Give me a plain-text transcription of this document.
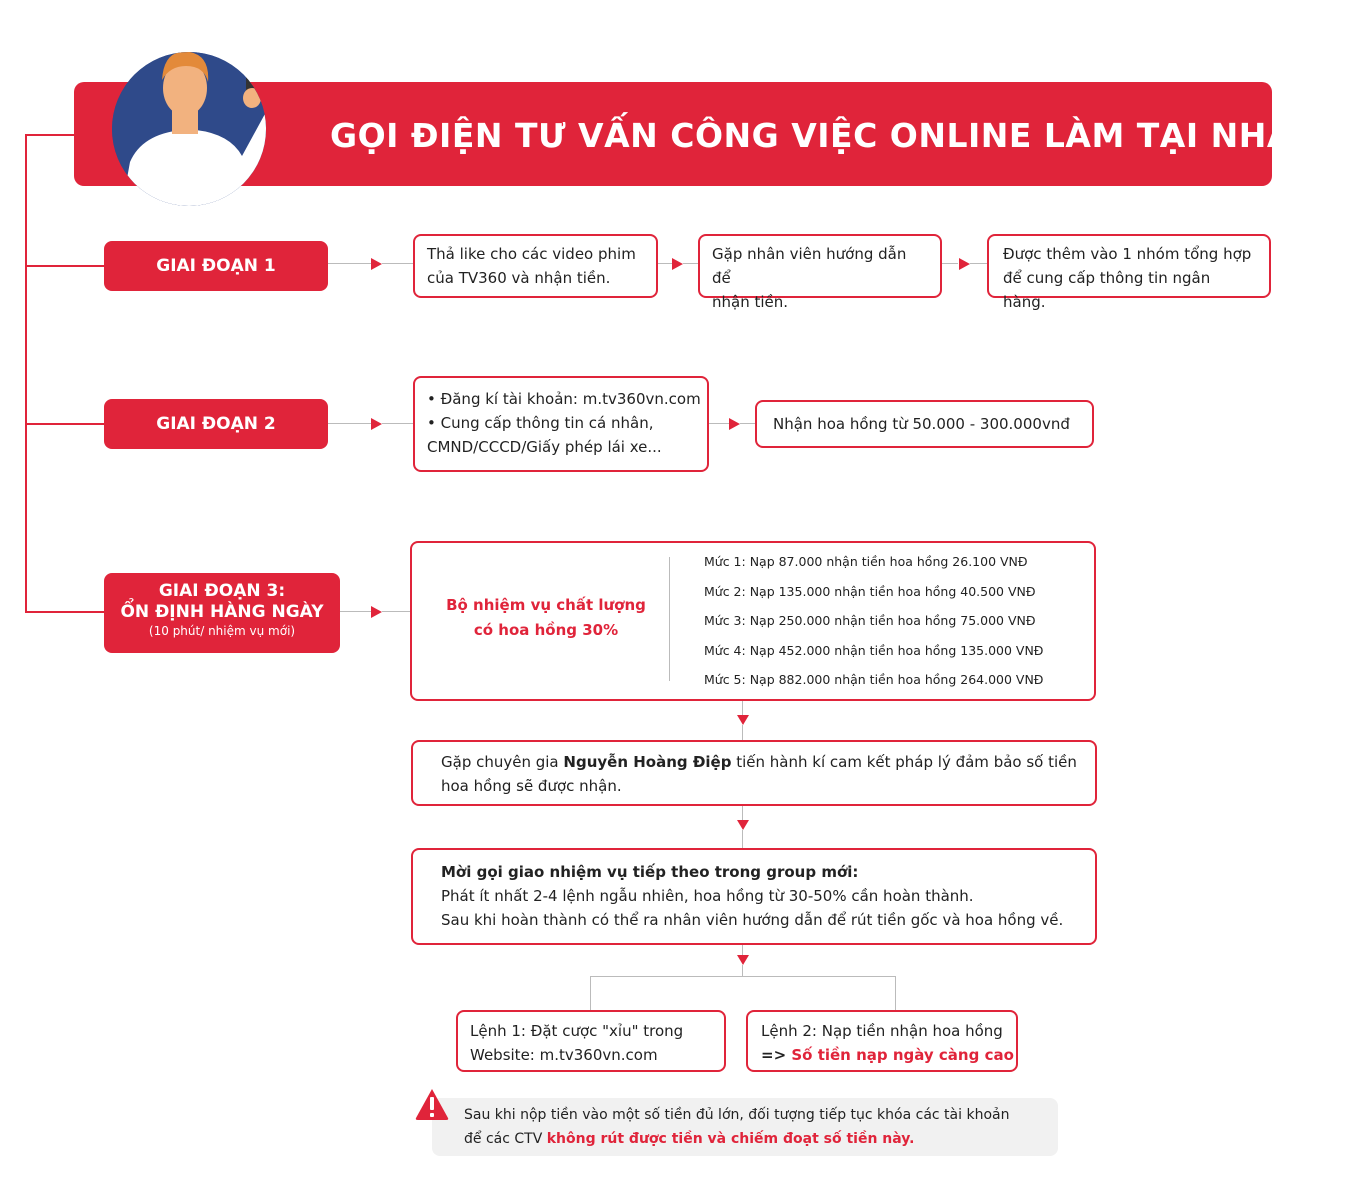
GỌI ĐIỆN TƯ VẤN CÔNG VIỆC ONLINE LÀM TẠI NHÀ
GIAI ĐOẠN 1
Thả like cho các video phim
của TV360 và nhận tiền.
Gặp nhân viên hướng dẫn để
nhận tiền.
Được thêm vào 1 nhóm tổng hợp
để cung cấp thông tin ngân hàng.
GIAI ĐOẠN 2
• Đăng kí tài khoản: m.tv360vn.com
• Cung cấp thông tin cá nhân,
CMND/CCCD/Giấy phép lái xe...
Nhận hoa hồng từ 50.000 - 300.000vnđ
GIAI ĐOẠN 3:
ỔN ĐỊNH HÀNG NGÀY
(10 phút/ nhiệm vụ mới)
Bộ nhiệm vụ chất lượng
có hoa hồng 30%
Mức 1: Nạp 87.000 nhận tiền hoa hồng 26.100 VNĐ
Mức 2: Nạp 135.000 nhận tiền hoa hồng 40.500 VNĐ
Mức 3: Nạp 250.000 nhận tiền hoa hồng 75.000 VNĐ
Mức 4: Nạp 452.000 nhận tiền hoa hồng 135.000 VNĐ
Mức 5: Nạp 882.000 nhận tiền hoa hồng 264.000 VNĐ
Gặp chuyên gia Nguyễn Hoàng Điệp tiến hành kí cam kết pháp lý đảm bảo số tiền
hoa hồng sẽ được nhận.
Mời gọi giao nhiệm vụ tiếp theo trong group mới:
Phát ít nhất 2-4 lệnh ngẫu nhiên, hoa hồng từ 30-50% cần hoàn thành.
Sau khi hoàn thành có thể ra nhân viên hướng dẫn để rút tiền gốc và hoa hồng về.
Lệnh 1: Đặt cược "xỉu" trong
Website: m.tv360vn.com
Lệnh 2: Nạp tiền nhận hoa hồng
=> Số tiền nạp ngày càng cao
Sau khi nộp tiền vào một số tiền đủ lớn, đối tượng tiếp tục khóa các tài khoản
để các CTV không rút được tiền và chiếm đoạt số tiền này.
